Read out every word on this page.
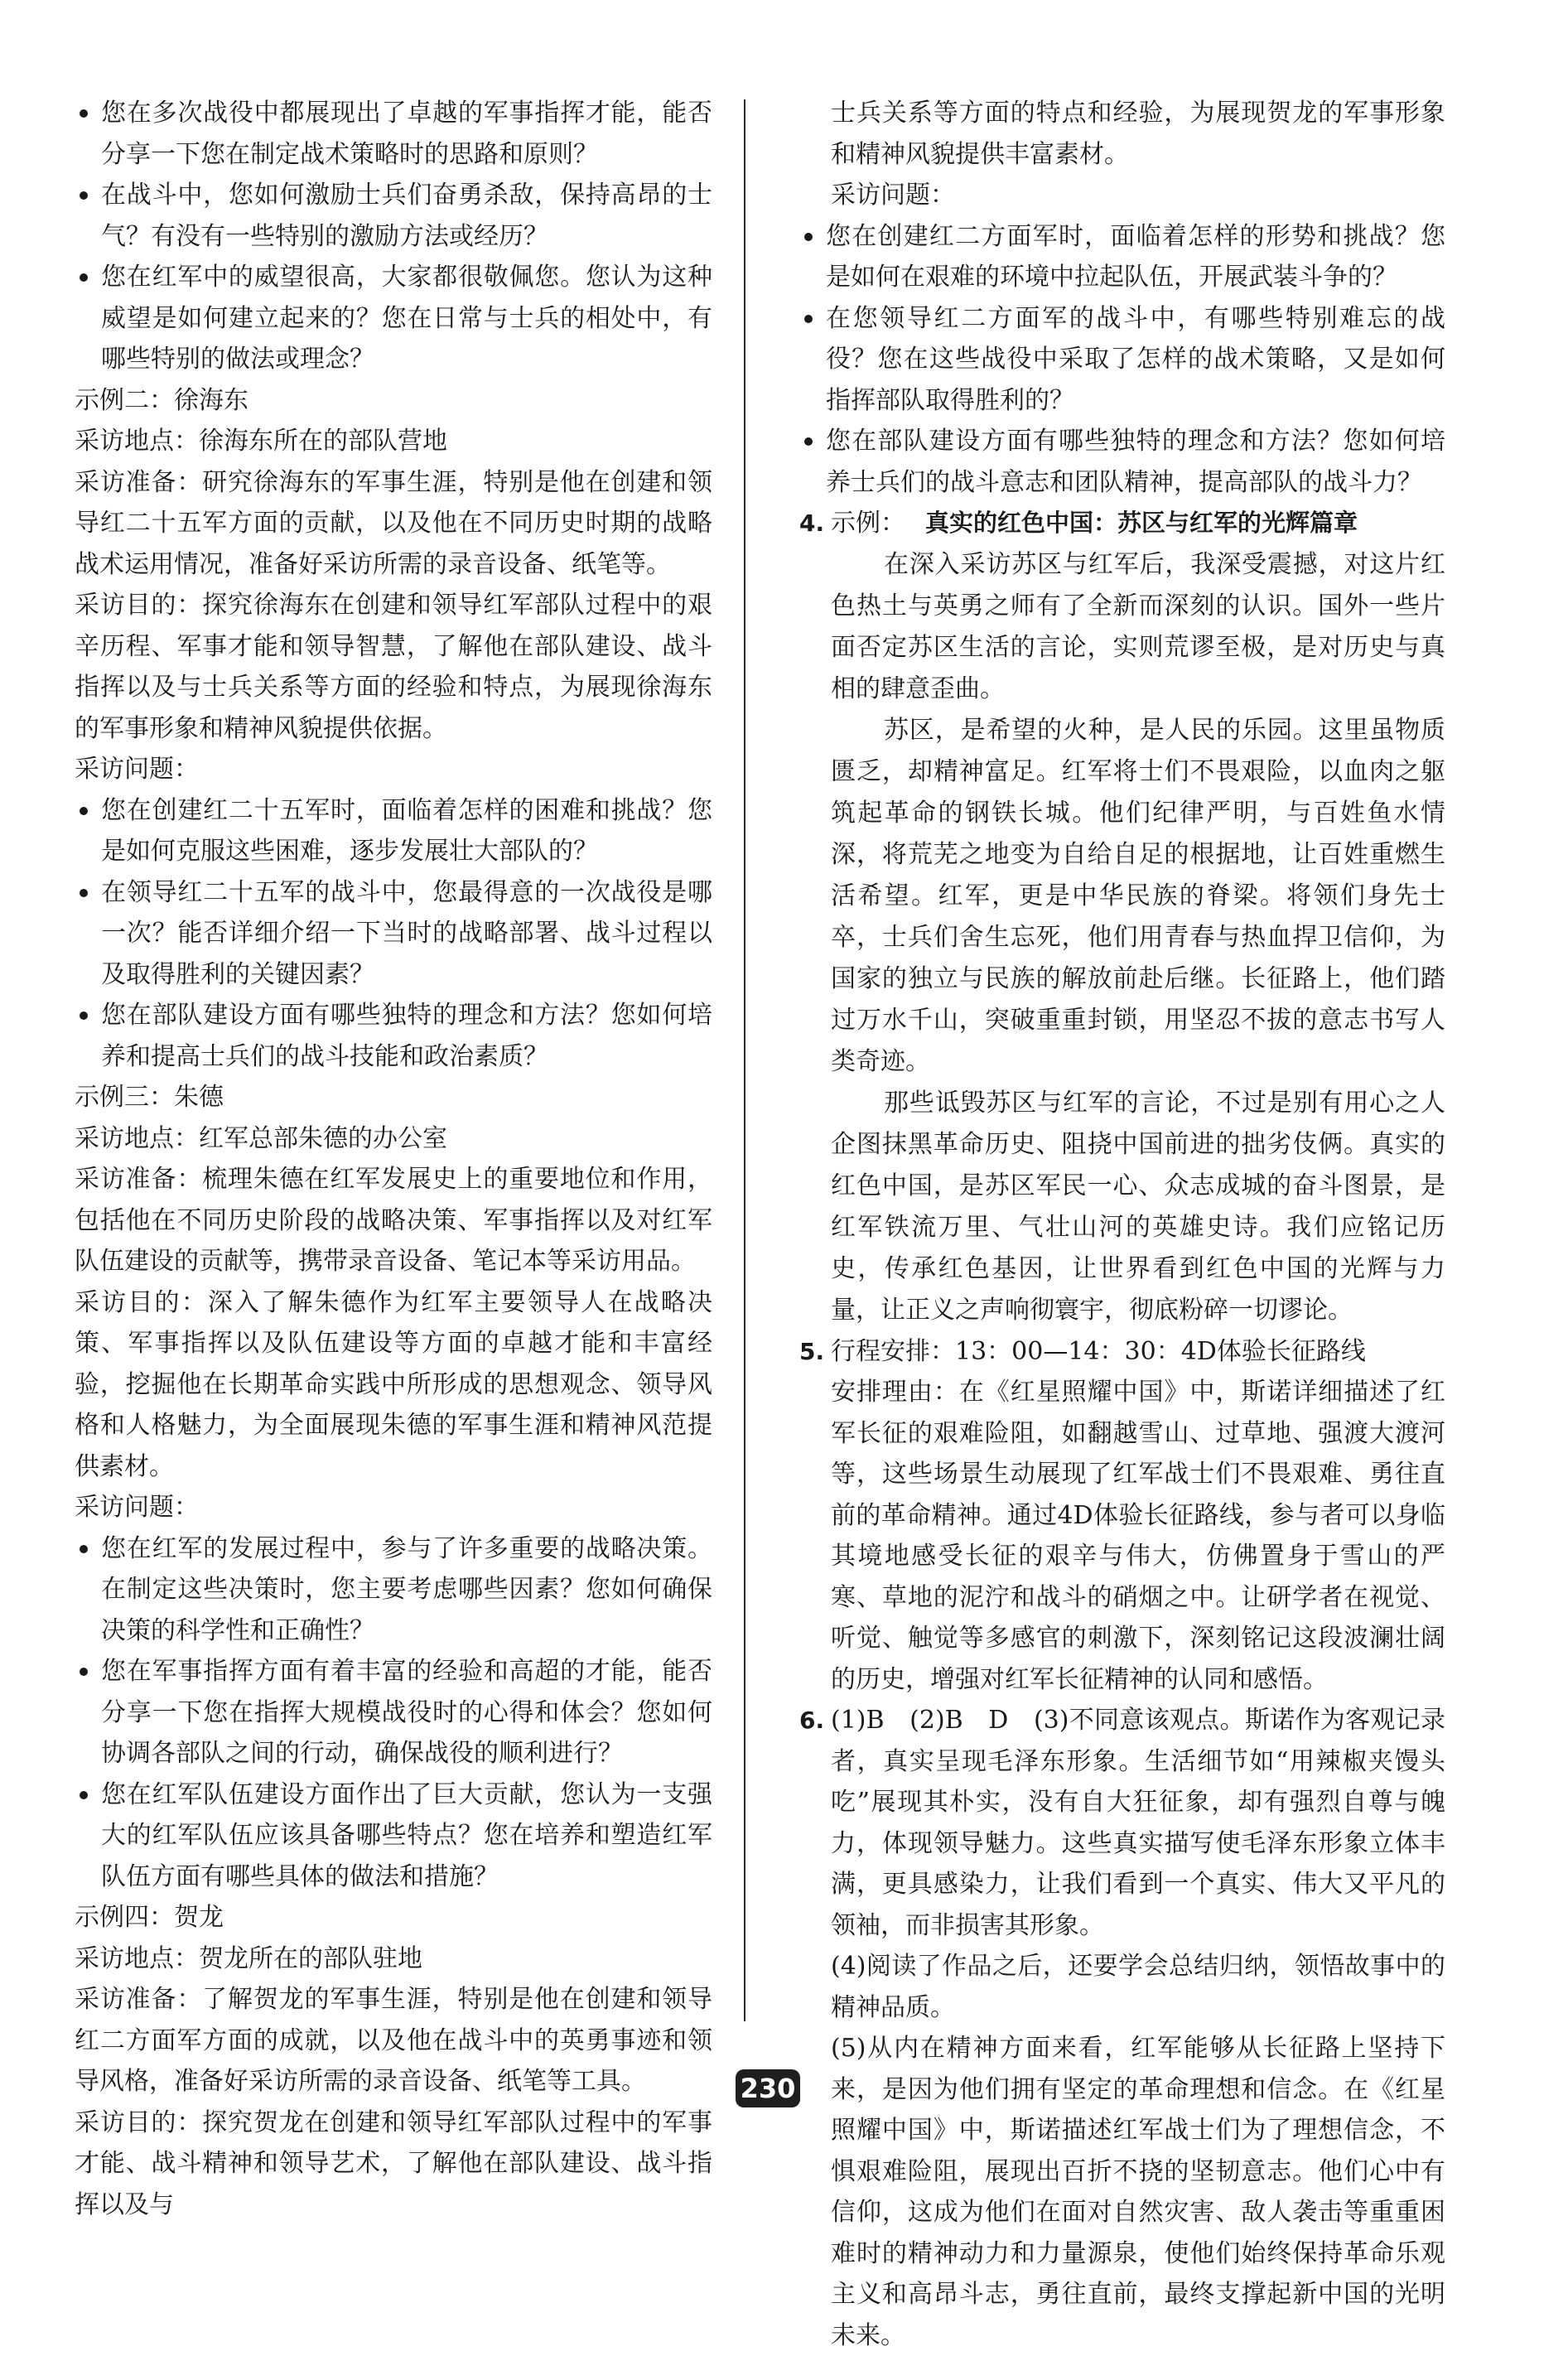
您在多次战役中都展现出了卓越的军事指挥才能，能否分享一下您在制定战术策略时的思路和原则？
在战斗中，您如何激励士兵们奋勇杀敌，保持高昂的士气？有没有一些特别的激励方法或经历？
您在红军中的威望很高，大家都很敬佩您。您认为这种威望是如何建立起来的？您在日常与士兵的相处中，有哪些特别的做法或理念？
示例二：徐海东
采访地点：徐海东所在的部队营地
采访准备：研究徐海东的军事生涯，特别是他在创建和领导红二十五军方面的贡献，以及他在不同历史时期的战略战术运用情况，准备好采访所需的录音设备、纸笔等。
采访目的：探究徐海东在创建和领导红军部队过程中的艰辛历程、军事才能和领导智慧，了解他在部队建设、战斗指挥以及与士兵关系等方面的经验和特点，为展现徐海东的军事形象和精神风貌提供依据。
采访问题：
您在创建红二十五军时，面临着怎样的困难和挑战？您是如何克服这些困难，逐步发展壮大部队的？
在领导红二十五军的战斗中，您最得意的一次战役是哪一次？能否详细介绍一下当时的战略部署、战斗过程以及取得胜利的关键因素？
您在部队建设方面有哪些独特的理念和方法？您如何培养和提高士兵们的战斗技能和政治素质？
示例三：朱德
采访地点：红军总部朱德的办公室
采访准备：梳理朱德在红军发展史上的重要地位和作用，包括他在不同历史阶段的战略决策、军事指挥以及对红军队伍建设的贡献等，携带录音设备、笔记本等采访用品。
采访目的：深入了解朱德作为红军主要领导人在战略决策、军事指挥以及队伍建设等方面的卓越才能和丰富经验，挖掘他在长期革命实践中所形成的思想观念、领导风格和人格魅力，为全面展现朱德的军事生涯和精神风范提供素材。
采访问题：
您在红军的发展过程中，参与了许多重要的战略决策。在制定这些决策时，您主要考虑哪些因素？您如何确保决策的科学性和正确性？
您在军事指挥方面有着丰富的经验和高超的才能，能否分享一下您在指挥大规模战役时的心得和体会？您如何协调各部队之间的行动，确保战役的顺利进行？
您在红军队伍建设方面作出了巨大贡献，您认为一支强大的红军队伍应该具备哪些特点？您在培养和塑造红军队伍方面有哪些具体的做法和措施？
示例四：贺龙
采访地点：贺龙所在的部队驻地
采访准备：了解贺龙的军事生涯，特别是他在创建和领导红二方面军方面的成就，以及他在战斗中的英勇事迹和领导风格，准备好采访所需的录音设备、纸笔等工具。
采访目的：探究贺龙在创建和领导红军部队过程中的军事才能、战斗精神和领导艺术，了解他在部队建设、战斗指挥以及与
士兵关系等方面的特点和经验，为展现贺龙的军事形象和精神风貌提供丰富素材。
采访问题：
您在创建红二方面军时，面临着怎样的形势和挑战？您是如何在艰难的环境中拉起队伍，开展武装斗争的？
在您领导红二方面军的战斗中，有哪些特别难忘的战役？您在这些战役中采取了怎样的战术策略，又是如何指挥部队取得胜利的？
您在部队建设方面有哪些独特的理念和方法？您如何培养士兵们的战斗意志和团队精神，提高部队的战斗力？
4. 示例： 真实的红色中国：苏区与红军的光辉篇章
在深入采访苏区与红军后，我深受震撼，对这片红色热土与英勇之师有了全新而深刻的认识。国外一些片面否定苏区生活的言论，实则荒谬至极，是对历史与真相的肆意歪曲。
苏区，是希望的火种，是人民的乐园。这里虽物质匮乏，却精神富足。红军将士们不畏艰险，以血肉之躯筑起革命的钢铁长城。他们纪律严明，与百姓鱼水情深，将荒芜之地变为自给自足的根据地，让百姓重燃生活希望。红军，更是中华民族的脊梁。将领们身先士卒，士兵们舍生忘死，他们用青春与热血捍卫信仰，为国家的独立与民族的解放前赴后继。长征路上，他们踏过万水千山，突破重重封锁，用坚忍不拔的意志书写人类奇迹。
那些诋毁苏区与红军的言论，不过是别有用心之人企图抹黑革命历史、阻挠中国前进的拙劣伎俩。真实的红色中国，是苏区军民一心、众志成城的奋斗图景，是红军铁流万里、气壮山河的英雄史诗。我们应铭记历史，传承红色基因，让世界看到红色中国的光辉与力量，让正义之声响彻寰宇，彻底粉碎一切谬论。
5. 行程安排：13：00—14：30：4D体验长征路线
安排理由：在《红星照耀中国》中，斯诺详细描述了红军长征的艰难险阻，如翻越雪山、过草地、强渡大渡河等，这些场景生动展现了红军战士们不畏艰难、勇往直前的革命精神。通过4D体验长征路线，参与者可以身临其境地感受长征的艰辛与伟大，仿佛置身于雪山的严寒、草地的泥泞和战斗的硝烟之中。让研学者在视觉、听觉、触觉等多感官的刺激下，深刻铭记这段波澜壮阔的历史，增强对红军长征精神的认同和感悟。
6. (1)B　(2)B　D　(3)不同意该观点。斯诺作为客观记录者，真实呈现毛泽东形象。生活细节如“用辣椒夹馒头吃”展现其朴实，没有自大狂征象，却有强烈自尊与魄力，体现领导魅力。这些真实描写使毛泽东形象立体丰满，更具感染力，让我们看到一个真实、伟大又平凡的领袖，而非损害其形象。
(4)阅读了作品之后，还要学会总结归纳，领悟故事中的精神品质。
(5)从内在精神方面来看，红军能够从长征路上坚持下来，是因为他们拥有坚定的革命理想和信念。在《红星照耀中国》中，斯诺描述红军战士们为了理想信念，不惧艰难险阻，展现出百折不挠的坚韧意志。他们心中有信仰，这成为他们在面对自然灾害、敌人袭击等重重困难时的精神动力和力量源泉，使他们始终保持革命乐观主义和高昂斗志，勇往直前，最终支撑起新中国的光明未来。
230
